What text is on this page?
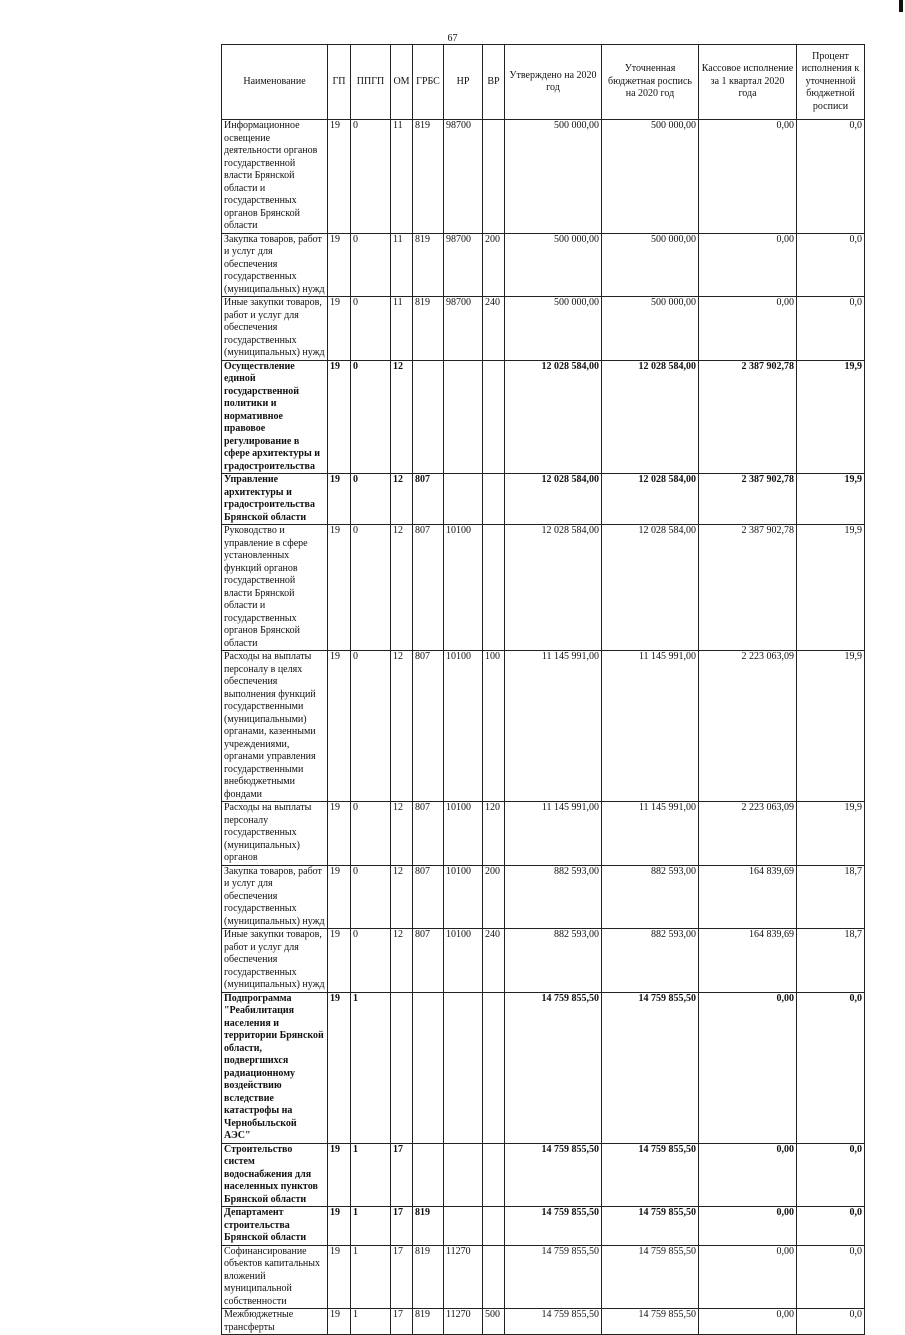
67
Наименование	ГП	ППГП	ОМ	ГРБС	НР	ВР	Утверждено на 2020 год	Уточненная бюджетная роспись на 2020 год	Кассовое исполнение за 1 квартал 2020 года	Процент исполнения к уточненной бюджетной росписи
Информационное освещение деятельности органов государственной власти Брянской области и государственных органов Брянской области	19	0	11	819	98700		500 000,00	500 000,00	0,00	0,0
Закупка товаров, работ и услуг для обеспечения государственных (муниципальных) нужд	19	0	11	819	98700	200	500 000,00	500 000,00	0,00	0,0
Иные закупки товаров, работ и услуг для обеспечения государственных (муниципальных) нужд	19	0	11	819	98700	240	500 000,00	500 000,00	0,00	0,0
Осуществление единой государственной политики и нормативное правовое регулирование в сфере архитектуры и градостроительства	19	0	12				12 028 584,00	12 028 584,00	2 387 902,78	19,9
Управление архитектуры и градостроительства Брянской области	19	0	12	807			12 028 584,00	12 028 584,00	2 387 902,78	19,9
Руководство и управление в сфере установленных функций органов государственной власти Брянской области и государственных органов Брянской области	19	0	12	807	10100		12 028 584,00	12 028 584,00	2 387 902,78	19,9
Расходы на выплаты персоналу в целях обеспечения выполнения функций государственными (муниципальными) органами, казенными учреждениями, органами управления государственными внебюджетными фондами	19	0	12	807	10100	100	11 145 991,00	11 145 991,00	2 223 063,09	19,9
Расходы на выплаты персоналу государственных (муниципальных) органов	19	0	12	807	10100	120	11 145 991,00	11 145 991,00	2 223 063,09	19,9
Закупка товаров, работ и услуг для обеспечения государственных (муниципальных) нужд	19	0	12	807	10100	200	882 593,00	882 593,00	164 839,69	18,7
Иные закупки товаров, работ и услуг для обеспечения государственных (муниципальных) нужд	19	0	12	807	10100	240	882 593,00	882 593,00	164 839,69	18,7
Подпрограмма "Реабилитация населения и территории Брянской области, подвергшихся радиационному воздействию вследствие катастрофы на Чернобыльской АЭС"	19	1					14 759 855,50	14 759 855,50	0,00	0,0
Строительство систем водоснабжения для населенных пунктов Брянской области	19	1	17				14 759 855,50	14 759 855,50	0,00	0,0
Департамент строительства Брянской области	19	1	17	819			14 759 855,50	14 759 855,50	0,00	0,0
Софинансирование объектов капитальных вложений муниципальной собственности	19	1	17	819	11270		14 759 855,50	14 759 855,50	0,00	0,0
Межбюджетные трансферты	19	1	17	819	11270	500	14 759 855,50	14 759 855,50	0,00	0,0
